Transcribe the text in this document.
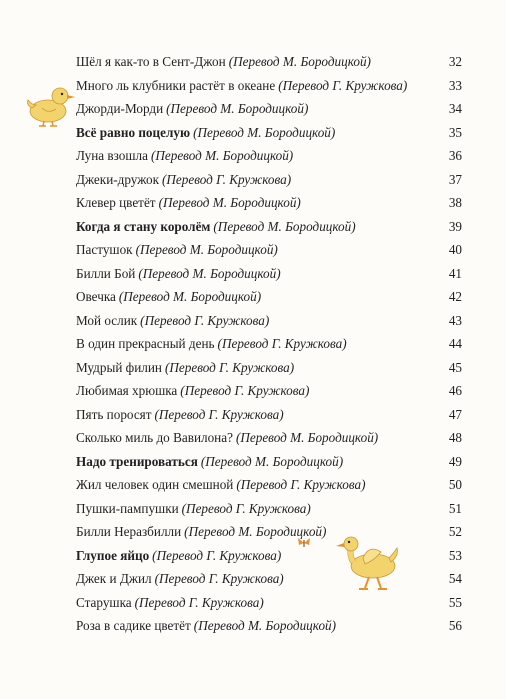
Шёл я как-то в Сент-Джон (Перевод М. Бородицкой)	32
Много ль клубники растёт в океане (Перевод Г. Кружкова)	33
Джорди-Морди (Перевод М. Бородицкой)	34
Всё равно поцелую (Перевод М. Бородицкой)	35
Луна взошла (Перевод М. Бородицкой)	36
Джеки-дружок (Перевод Г. Кружкова)	37
Клевер цветёт (Перевод М. Бородицкой)	38
Когда я стану королём (Перевод М. Бородицкой)	39
Пастушок (Перевод М. Бородицкой)	40
Билли Бой (Перевод М. Бородицкой)	41
Овечка (Перевод М. Бородицкой)	42
Мой ослик (Перевод Г. Кружкова)	43
В один прекрасный день (Перевод Г. Кружкова)	44
Мудрый филин (Перевод Г. Кружкова)	45
Любимая хрюшка (Перевод Г. Кружкова)	46
Пять поросят (Перевод Г. Кружкова)	47
Сколько миль до Вавилона? (Перевод М. Бородицкой)	48
Надо тренироваться (Перевод М. Бородицкой)	49
Жил человек один смешной (Перевод Г. Кружкова)	50
Пушки-пампушки (Перевод Г. Кружкова)	51
Билли Неразбилли (Перевод М. Бородицкой)	52
Глупое яйцо (Перевод Г. Кружкова)	53
Джек и Джил (Перевод Г. Кружкова)	54
Старушка (Перевод Г. Кружкова)	55
Роза в садике цветёт (Перевод М. Бородицкой)	56
